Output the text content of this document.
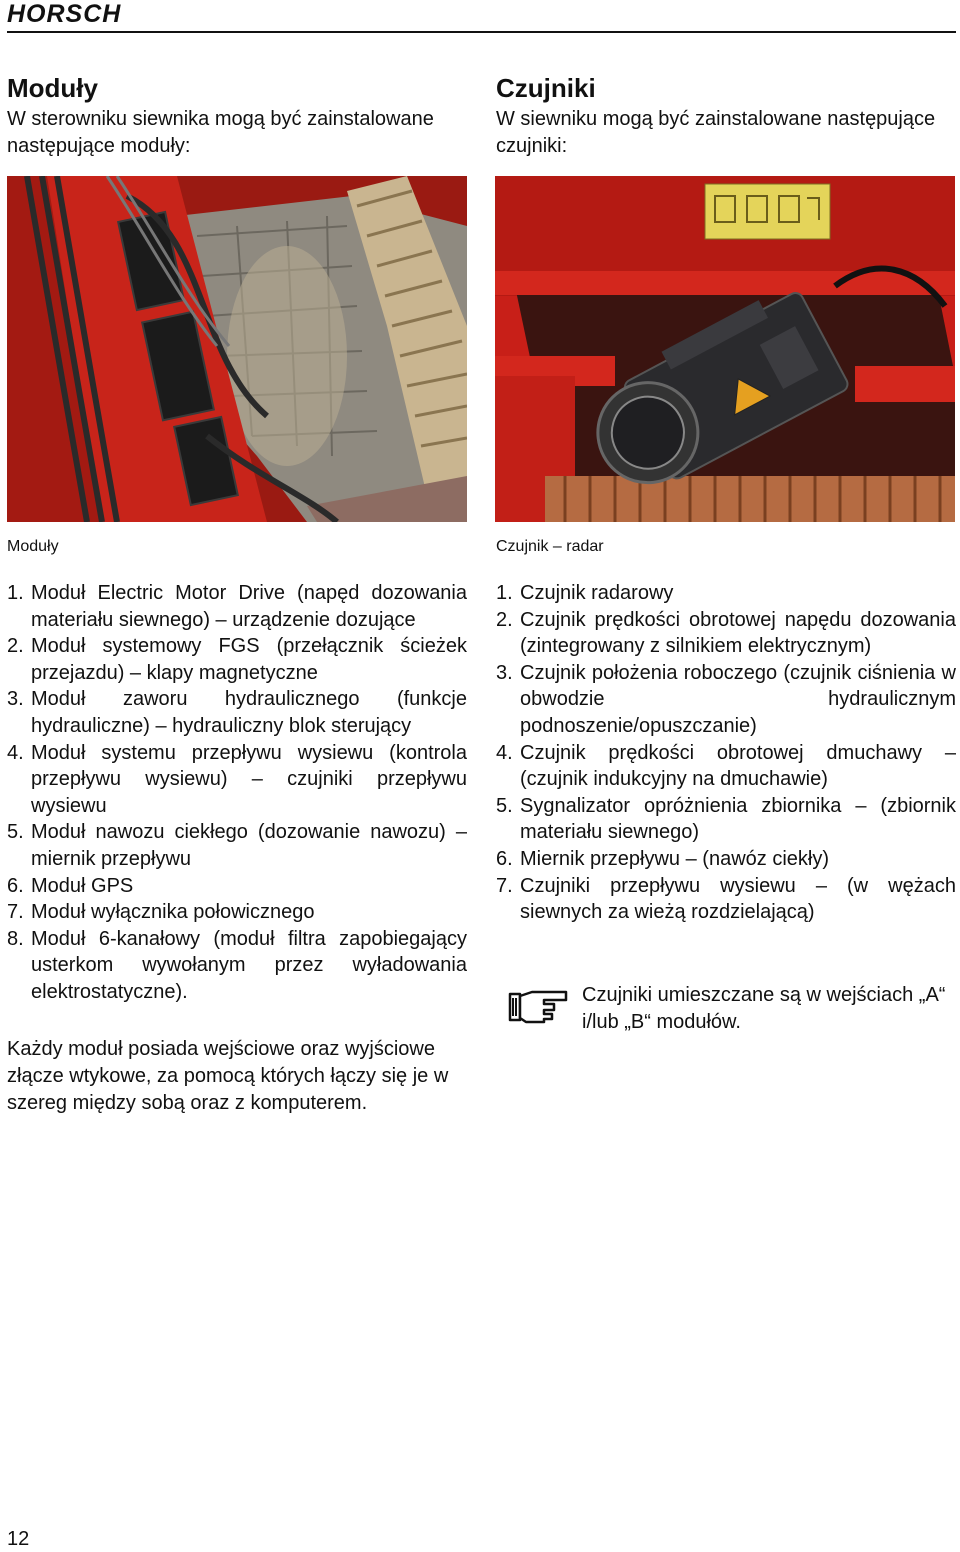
HORSCH
Moduły

W sterowniku siewnika mogą być zainstalowane następujące moduły:

Czujniki

W siewniku mogą być zainstalowane następujące czujniki:

Moduły	Czujnik – radar
1. Moduł Electric Motor Drive (napęd dozowania materiału siewnego) – urządzenie dozujące
2. Moduł systemowy FGS (przełącznik ścieżek przejazdu) – klapy magnetyczne
3. Moduł zaworu hydraulicznego (funkcje hydrauliczne) – hydrauliczny blok sterujący
4. Moduł systemu przepływu wysiewu (kontrola przepływu wysiewu) – czujniki przepływu wysiewu
5. Moduł nawozu ciekłego (dozowanie nawozu) – miernik przepływu
6. Moduł GPS
7. Moduł wyłącznika połowicznego
8. Moduł 6-kanałowy (moduł filtra zapobiegający usterkom wywołanym przez wyładowania elektrostatyczne).
1. Czujnik radarowy
2. Czujnik prędkości obrotowej napędu dozowania (zintegrowany z silnikiem elektrycznym)
3. Czujnik położenia roboczego (czujnik ciśnienia w obwodzie hydraulicznym podnoszenie/opuszczanie)
4. Czujnik prędkości obrotowej dmuchawy – (czujnik indukcyjny na dmuchawie)
5. Sygnalizator opróżnienia zbiornika – (zbiornik materiału siewnego)
6. Miernik przepływu – (nawóz ciekły)
7. Czujniki przepływu wysiewu – (w wężach siewnych za wieżą rozdzielającą)
Czujniki umieszczane są w wejściach „A“ i/lub „B“ modułów.

Każdy moduł posiada wejściowe oraz wyjściowe złącze wtykowe, za pomocą których łączy się je w szereg między sobą oraz z komputerem.

12
